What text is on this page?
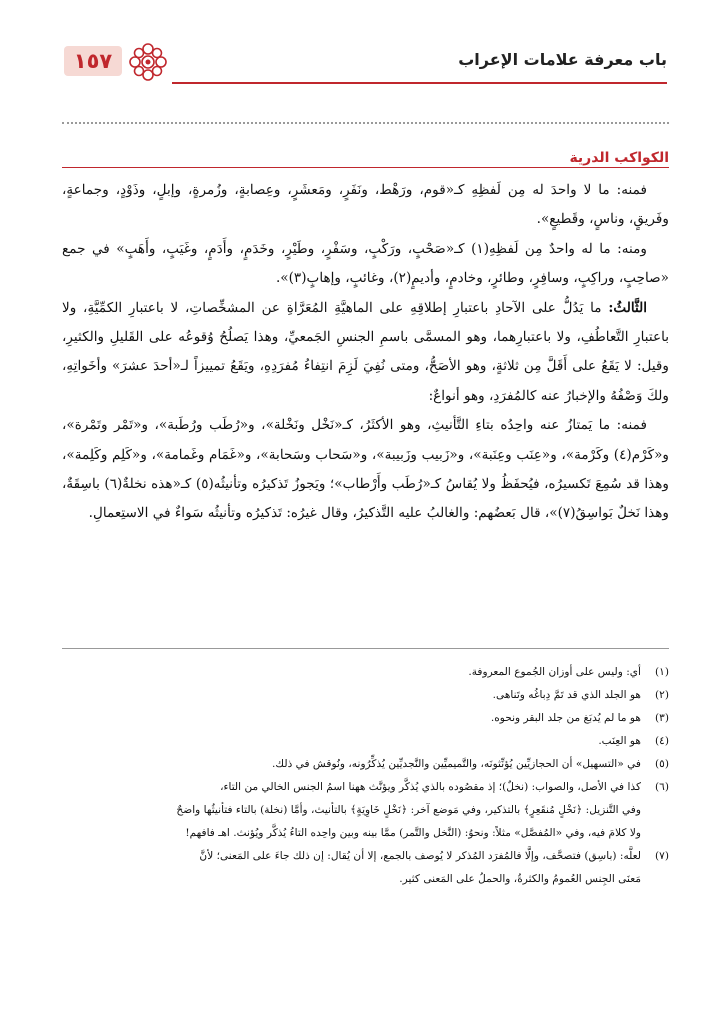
١٥٧	باب معرفة علامات الإعراب
الكواكب الدرية

فمنه: ما لا واحدَ له مِن لَفظِهِ كـ«قوم، ورَهْط، ونَفَرٍ، ومَعشَرٍ، وعِصابةٍ، وزُمرةٍ، وإبلٍ، وذَوْدٍ، وجماعةٍ، وفَريقٍ، وناسٍ، وقَطيعٍ».

ومنه: ما له واحدٌ مِن لَفظِهِ(١) كـ«صَحْبٍ، ورَكْبٍ، وسَفْرٍ، وطَيْرٍ، وخَدَمٍ، وأَدَمٍ، وغَيَبٍ، وأَهَبٍ» في جمع «صاحِبٍ، وراكِبٍ، وسافِرٍ، وطائرٍ، وخادمٍ، وأديمٍ(٢)، وغائبٍ، وإهابٍ(٣)».

الثَّالثُ: ما يَدُلُّ على الآحادِ باعتبارِ إطلاقِهِ على الماهيَّةِ المُعَرَّاةِ عن المشخِّصاتِ، لا باعتبارِ الكمِّيَّةِ، ولا باعتبارِ التَّعاطُفِ، ولا باعتبارِهما، وهو المسمَّى باسمِ الجنسِ الجَمعيِّ، وهذا يَصلُحُ وُقوعُه على القَليلِ والكثيرِ، وقيل: لا يَقَعُ على أَقَلَّ مِن ثلاثةٍ، وهو الأصَحُّ، ومتى نُفِيَ لَزِمَ انتِفاءُ مُفرَدِهِ، ويَقَعُ تمييزاً لـ«أحدَ عشرَ» وأخَواتِهِ، ولكَ وَصْفُهُ والإخبارُ عنه كالمُفرَدِ، وهو أنواعٌ:

فمنه: ما يَمتازُ عنه واحِدُه بتاءِ التَّأنيثِ، وهو الأكثَرُ، كـ«نَخْل ونَخْلة»، و«رُطَب ورُطَبة»، و«تَمْر وتَمْرة»، و«كَرْم(٤) وكَرْمة»، و«عِنَب وعِنَبة»، و«زَبيب وزَبيبة»، و«سَحاب وسَحابة»، و«غَمَام وغَمامة»، و«كَلِم وكَلِمة»، وهذا قد سُمِعَ تَكسيرُه، فيُحفَظُ ولا يُقاسُ كـ«رُطَب وأَرْطاب»؛ ويَجوزُ تَذكيرُه وتأنيثُه(٥) كـ«هذه نخلةٌ(٦) باسِقَةٌ، وهذا نَخلٌ بَواسِقُ(٧)»، قال بَعضُهم: والغالبُ عليه التَّذكيرُ، وقال غيرُه: تَذكيرُه وتأنيثُه سَواءٌ في الاستِعمالِ.

(١)
أي: وليس على أوزان الجُموع المعروفة.
(٢)
هو الجلد الذي قد تَمَّ دِباغُه وتَناهى.
(٣)
هو ما لم يُدبَغ من جلد البقر ونحوه.
(٤)
هو العِنَب.
(٥)
في «التسهيل» أن الحجازيِّين يُؤنِّثونَه، والتَّميميِّين والنَّجديِّين يُذكِّرُونه، ونُوقش في ذلك.
(٦)
كذا في الأصل، والصواب: (نخلٌ)؛ إذ مقصُوده بالذي يُذكَّر ويؤنَّث ههنا اسمُ الجنس الخالي من التاء،
وفي التَّنزيل: ﴿نَخْلٍ مُنقَعِرٍ﴾ بالتذكير، وفي مَوضع آخر: ﴿نَخْلٍ خَاوِيَةٍ﴾ بالتأنيث، وأمَّا (نخلة) بالتاء فتأنيثُها واضحٌ
ولا كلامَ فيه، وفي «المُفصَّل» مثلاً: ونحوُ: (النَّخل والتَّمر) ممَّا بينه وبين واحِده التاءُ يُذكَّر ويُؤنث. اهـ فافهم!
(٧)
لعلَّه: (باسِق) فتصحَّف، وإلَّا فالمُفرَد المُذكر لا يُوصف بالجمع، إلا أن يُقال: إن ذلك جاءَ على المَعنى؛ لأنَّ
مَعنَى الجِنس العُمومُ والكثرةُ، والحملُ على المَعنى كثير.
